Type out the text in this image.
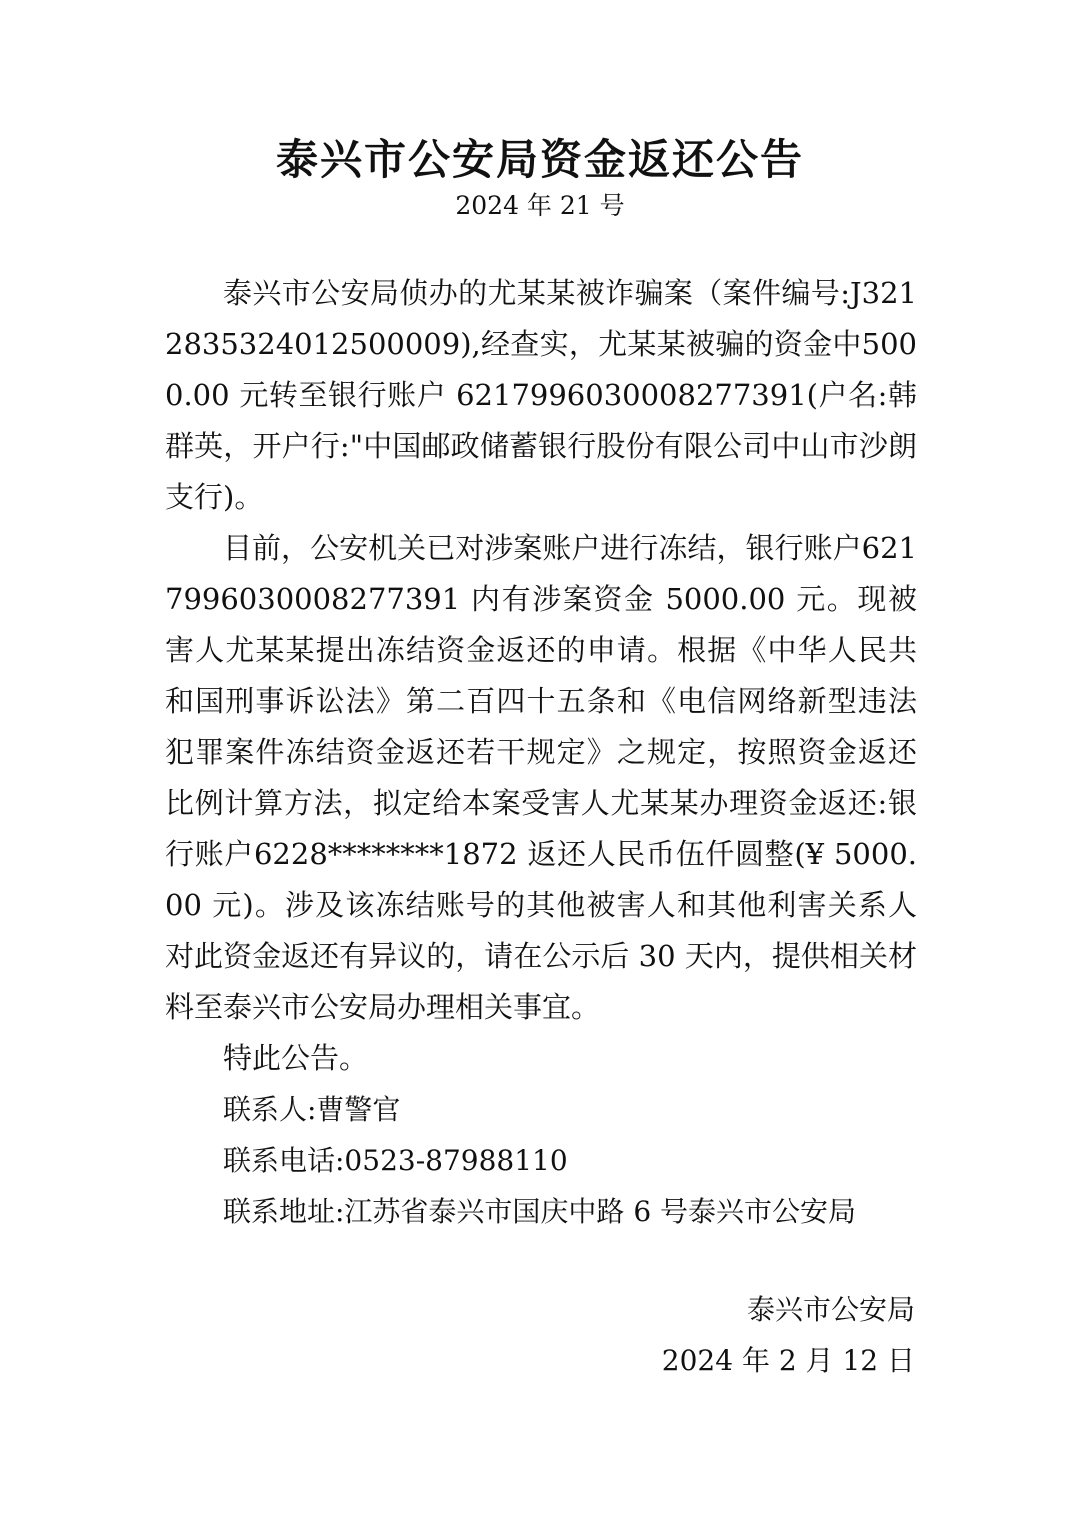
泰兴市公安局资金返还公告
2024 年 21 号

泰兴市公安局侦办的尤某某被诈骗案（案件编号:J3212835324012500009),经查实，尤某某被骗的资金中5000.00 元转至银行账户 6217996030008277391(户名:韩群英，开户行:"中国邮政储蓄银行股份有限公司中山市沙朗支行)。

目前，公安机关已对涉案账户进行冻结，银行账户6217996030008277391 内有涉案资金 5000.00 元。现被害人尤某某提出冻结资金返还的申请。根据《中华人民共和国刑事诉讼法》第二百四十五条和《电信网络新型违法犯罪案件冻结资金返还若干规定》之规定，按照资金返还比例计算方法，拟定给本案受害人尤某某办理资金返还:银行账户6228********1872 返还人民币伍仟圆整(¥ 5000.00 元)。涉及该冻结账号的其他被害人和其他利害关系人对此资金返还有异议的，请在公示后 30 天内，提供相关材料至泰兴市公安局办理相关事宜。

特此公告。

联系人:曹警官

联系电话:0523-87988110

联系地址:江苏省泰兴市国庆中路 6 号泰兴市公安局

泰兴市公安局
2024 年 2 月 12 日
